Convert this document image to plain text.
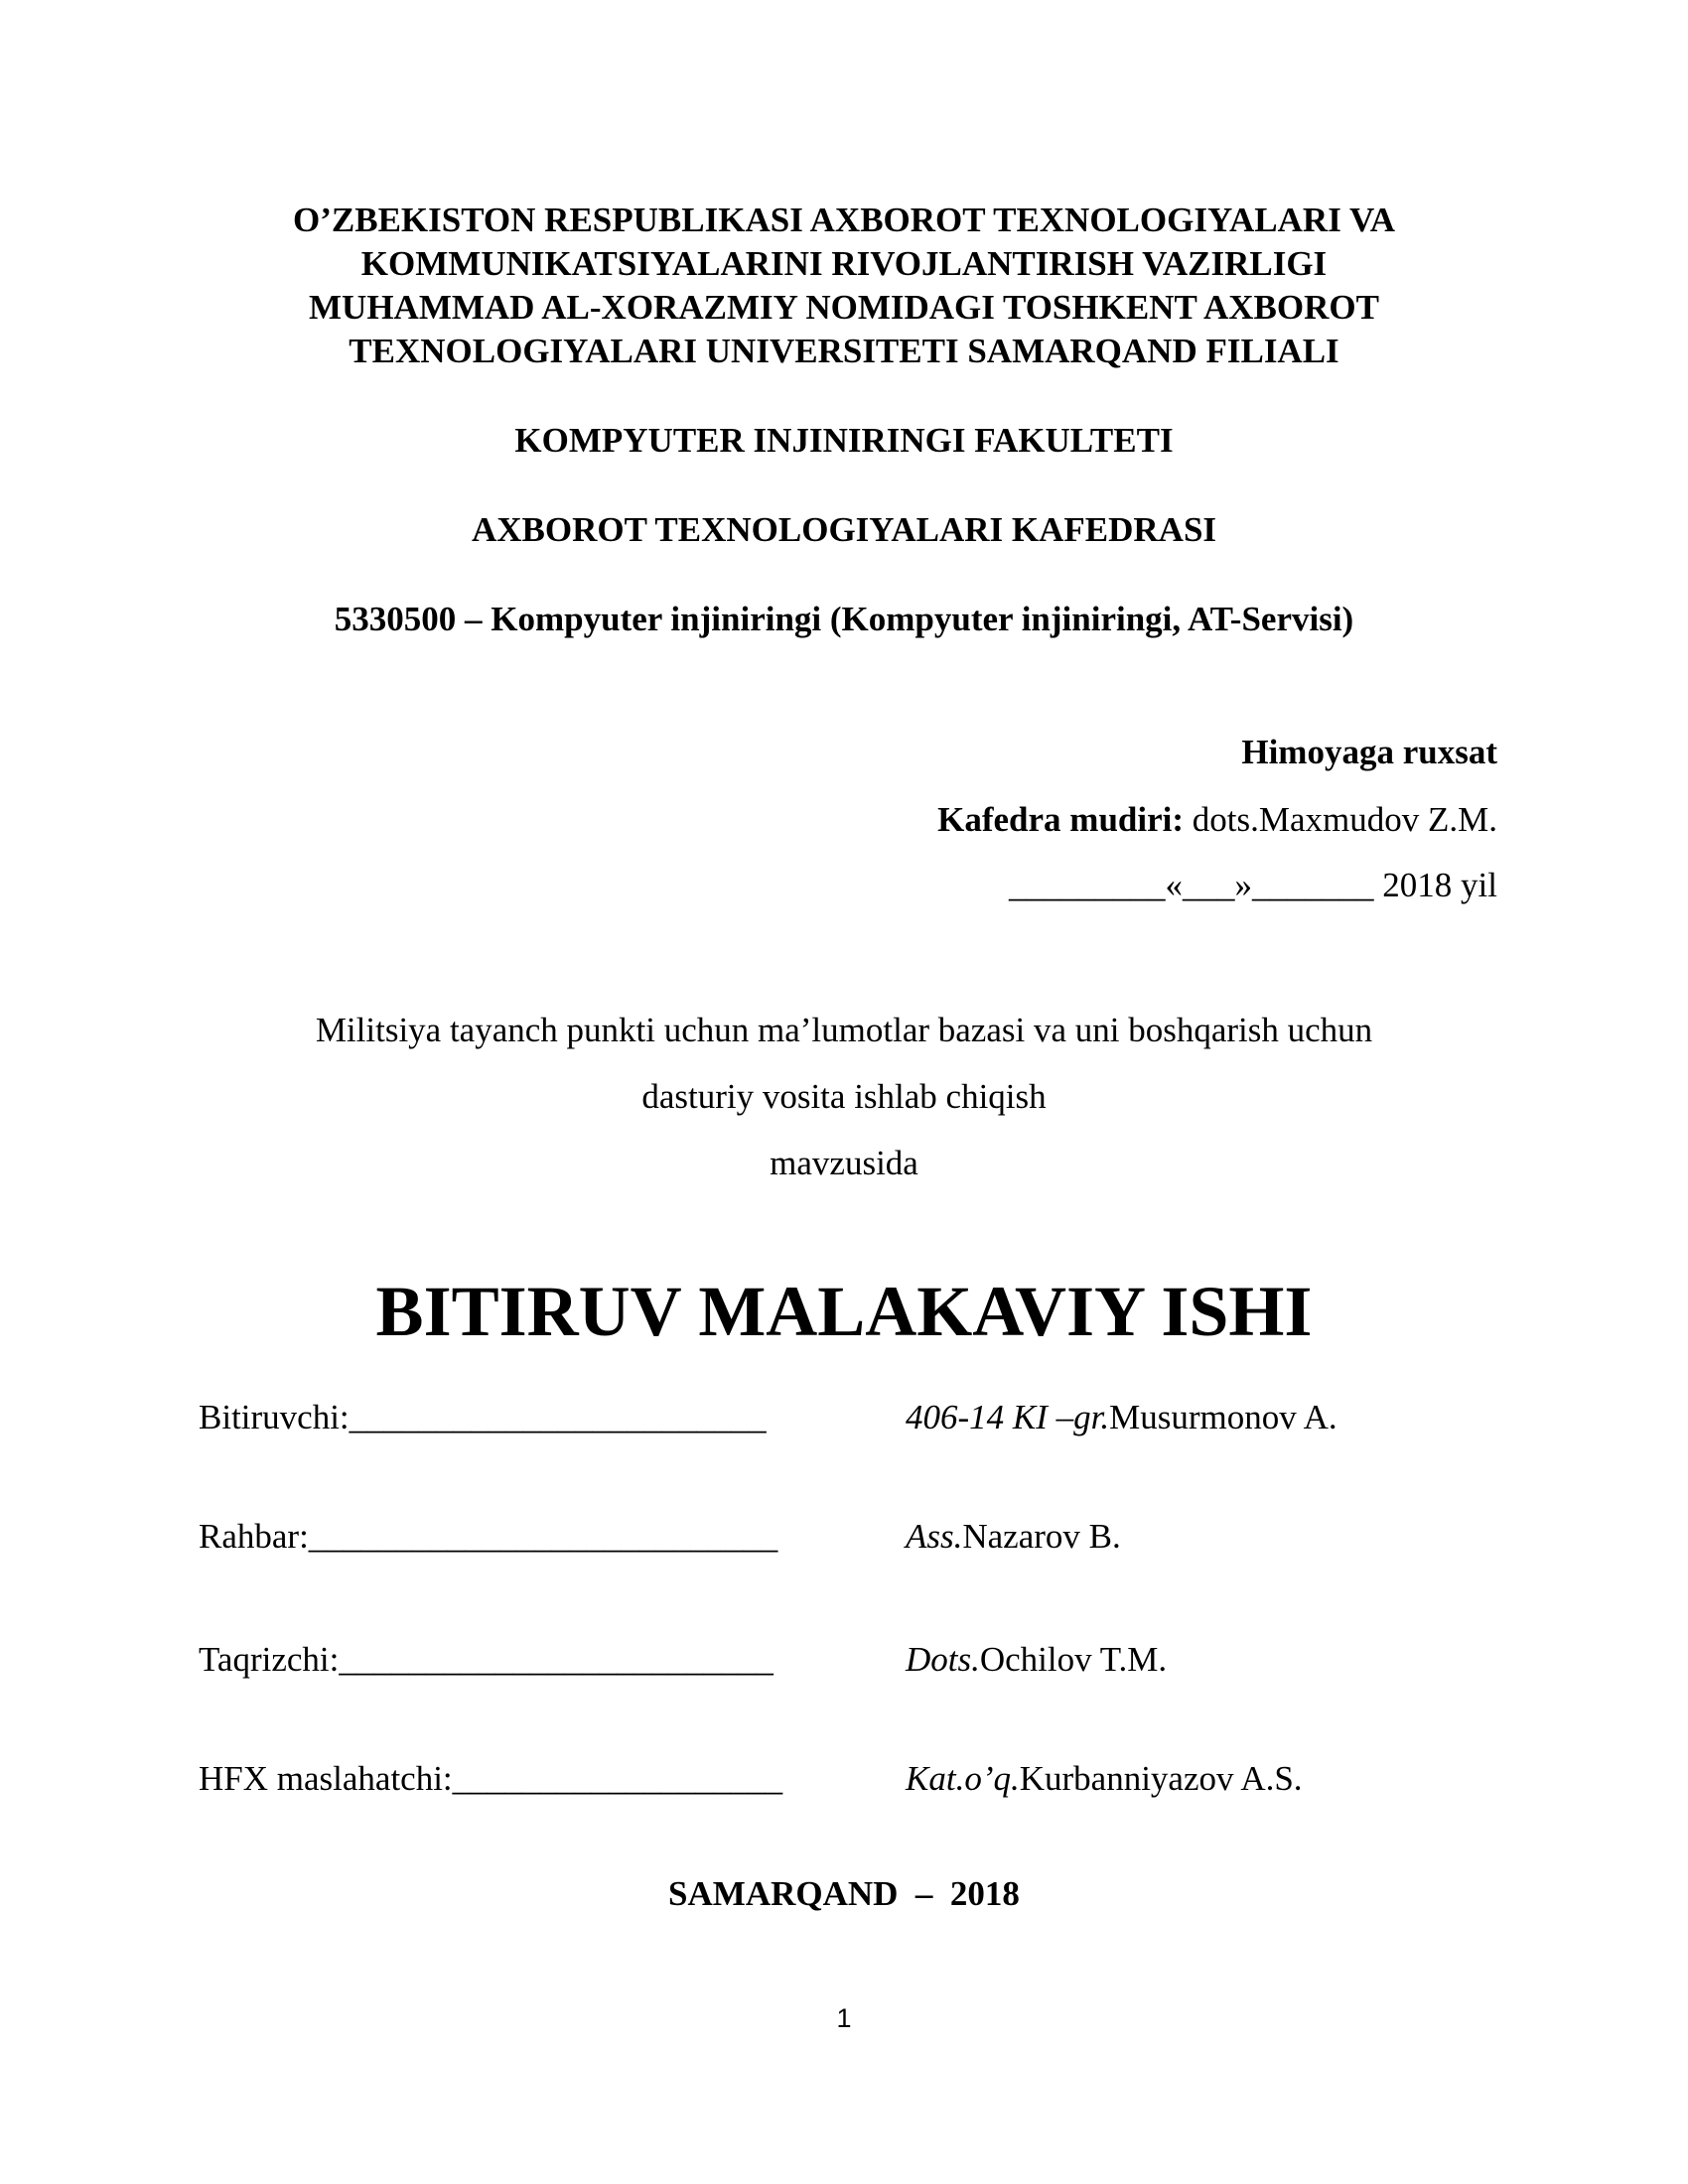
O’ZBEKISTON RESPUBLIKASI AXBOROT TEXNOLOGIYALARI VA
KOMMUNIKATSIYALARINI RIVOJLANTIRISH VAZIRLIGI
MUHAMMAD AL-XORAZMIY NOMIDAGI TOSHKENT AXBOROT
TEXNOLOGIYALARI UNIVERSITETI SAMARQAND FILIALI
KOMPYUTER INJINIRINGI FAKULTETI
AXBOROT TEXNOLOGIYALARI KAFEDRASI
5330500 – Kompyuter injiniringi (Kompyuter injiniringi, AT-Servisi)
Himoyaga ruxsat
Kafedra mudiri: dots.Maxmudov Z.M.
_________«___»_______ 2018 yil
Militsiya tayanch punkti uchun ma’lumotlar bazasi va uni boshqarish uchun
dasturiy vosita ishlab chiqish
mavzusida
BITIRUV MALAKAVIY ISHI
Bitiruvchi:________________________	406-14 KI –gr.Musurmonov A.
Rahbar:___________________________	Ass.Nazarov B.
Taqrizchi:_________________________	Dots.Ochilov T.M.
HFX maslahatchi:___________________	Kat.o’q.Kurbanniyazov A.S.
SAMARQAND  –  2018
1
